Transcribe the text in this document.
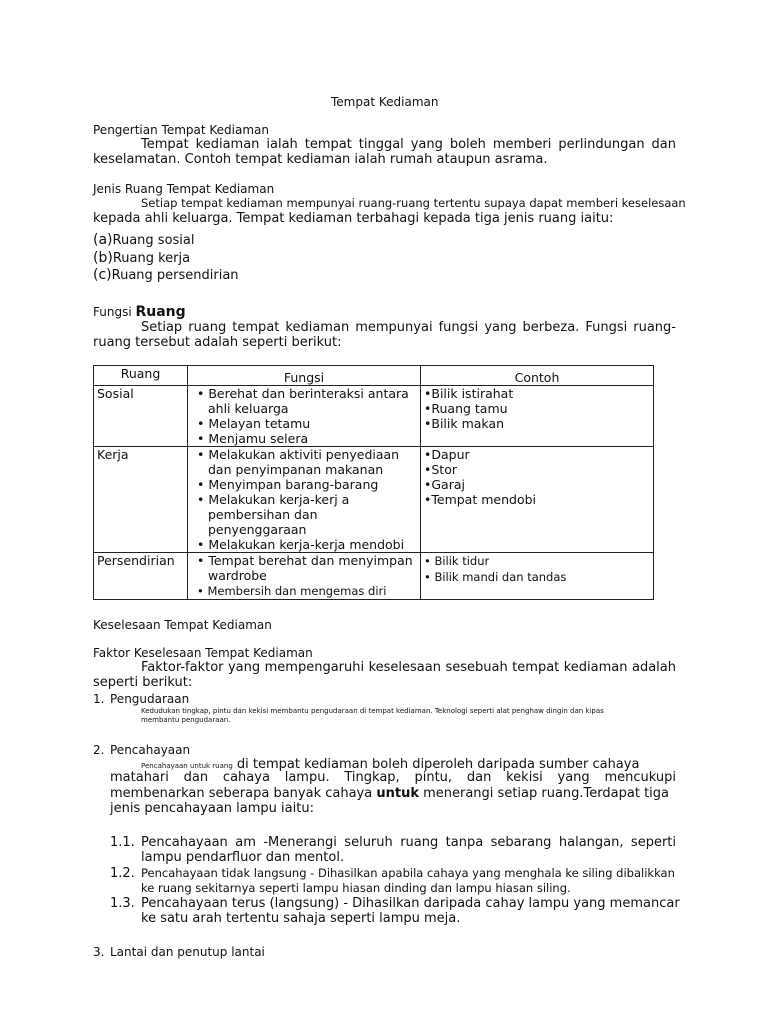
Tempat Kediaman
Pengertian Tempat Kediaman
Tempat kediaman ialah tempat tinggal yang boleh memberi perlindungan dan
keselamatan. Contoh tempat kediaman ialah rumah ataupun asrama.
Jenis Ruang Tempat Kediaman
Setiap tempat kediaman mempunyai ruang-ruang tertentu supaya dapat memberi keselesaan
kepada ahli keluarga. Tempat kediaman terbahagi kepada tiga jenis ruang iaitu:
(a)Ruang sosial
(b)Ruang kerja
(c)Ruang persendirian
Fungsi Ruang
Setiap ruang tempat kediaman mempunyai fungsi yang berbeza. Fungsi ruang-
ruang tersebut adalah seperti berikut:
Ruang	Fungsi	Contoh
Sosial	• Berehat dan berinteraksi antara ahli keluarga
• Melayan tetamu
• Menjamu selera	•Bilik istirahat
•Ruang tamu
•Bilik makan

Kerja	• Melakukan aktiviti penyediaan dan penyimpanan makanan
• Menyimpan barang-barang
• Melakukan kerja-kerj a pembersihan dan penyenggaraan
• Melakukan kerja-kerja mendobi	•Dapur
•Stor
•Garaj
•Tempat mendobi

Persendirian	• Tempat berehat dan menyimpan wardrobe
• Membersih dan mengemas diri	• Bilik tidur
• Bilik mandi dan tandas
Keselesaan Tempat Kediaman
Faktor Keselesaan Tempat Kediaman
Faktor-faktor yang mempengaruhi keselesaan sesebuah tempat kediaman adalah
seperti berikut:
1. Pengudaraan
Kedudukan tingkap, pintu dan kekisi membantu pengudaraan di tempat kediaman. Teknologi seperti alat penghaw dingin dan kipas
membantu pengudaraan.
2. Pencahayaan
Pencahayaan untuk ruang di tempat kediaman boleh diperoleh daripada sumber cahaya
matahari dan cahaya lampu. Tingkap, pintu, dan kekisi yang mencukupi
membenarkan seberapa banyak cahaya untuk menerangi setiap ruang.Terdapat tiga
jenis pencahayaan lampu iaitu:
1.1. Pencahayaan am -Menerangi seluruh ruang tanpa sebarang halangan, seperti
lampu pendarfluor dan mentol.
1.2. Pencahayaan tidak langsung - Dihasilkan apabila cahaya yang menghala ke siling dibalikkan
ke ruang sekitarnya seperti lampu hiasan dinding dan lampu hiasan siling.
1.3. Pencahayaan terus (langsung) - Dihasilkan daripada cahay lampu yang memancar
ke satu arah tertentu sahaja seperti lampu meja.
3. Lantai dan penutup lantai
